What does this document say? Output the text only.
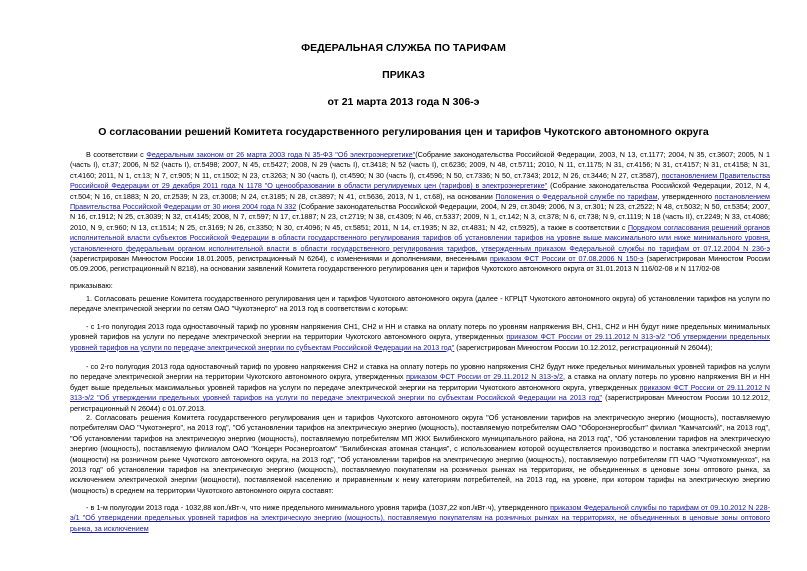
ФЕДЕРАЛЬНАЯ СЛУЖБА ПО ТАРИФАМ
ПРИКАЗ
от 21 марта 2013 года N 306-э
О согласовании решений Комитета государственного регулирования цен и тарифов Чукотского автономного округа
В соответствии с Федеральным законом от 26 марта 2003 года N 35-ФЗ "Об электроэнергетике"(Собрание законодательства Российской Федерации, 2003, N 13, ст.1177; 2004, N 35, ст.3607; 2005, N 1 (часть I), ст.37; 2006, N 52 (часть I), ст.5498; 2007, N 45, ст.5427; 2008, N 29 (часть I), ст.3418; N 52 (часть I), ст.6236; 2009, N 48, ст.5711; 2010, N 11, ст.1175; N 31, ст.4156; N 31, ст.4157; N 31, ст.4158; N 31, ст.4160; 2011, N 1, ст.13; N 7, ст.905; N 11, ст.1502; N 23, ст.3263; N 30 (часть I), ст.4590; N 30 (часть I), ст.4596; N 50, ст.7336; N 50, ст.7343; 2012, N 26, ст.3446; N 27, ст.3587), постановлением Правительства Российской Федерации от 29 декабря 2011 года N 1178 "О ценообразовании в области регулируемых цен (тарифов) в электроэнергетике" (Собрание законодательства Российской Федерации, 2012, N 4, ст.504; N 16, ст.1883; N 20, ст.2539; N 23, ст.3008; N 24, ст.3185; N 28, ст.3897; N 41, ст.5636, 2013, N 1, ст.68), на основании Положения о Федеральной службе по тарифам, утвержденного постановлением Правительства Российской Федерации от 30 июня 2004 года N 332 (Собрание законодательства Российской Федерации, 2004, N 29, ст.3049; 2006, N 3, ст.301; N 23, ст.2522; N 48, ст.5032; N 50, ст.5354; 2007, N 16, ст.1912; N 25, ст.3039; N 32, ст.4145; 2008, N 7, ст.597; N 17, ст.1887; N 23, ст.2719; N 38, ст.4309; N 46, ст.5337; 2009, N 1, ст.142; N 3, ст.378; N 6, ст.738; N 9, ст.1119; N 18 (часть II), ст.2249; N 33, ст.4086; 2010, N 9, ст.960; N 13, ст.1514; N 25, ст.3169; N 26, ст.3350; N 30, ст.4096; N 45, ст.5851; 2011, N 14, ст.1935; N 32, ст.4831; N 42, ст.5925), а также в соответствии с Порядком согласования решений органов исполнительной власти субъектов Российской Федерации в области государственного регулирования тарифов об установлении тарифов на уровне выше максимального или ниже минимального уровня, установленного федеральным органом исполнительной власти в области государственного регулирования тарифов, утвержденным приказом Федеральной службы по тарифам от 07.12.2004 N 236-э (зарегистрирован Минюстом России 18.01.2005, регистрационный N 6264), с изменениями и дополнениями, внесенными приказом ФСТ России от 07.08.2006 N 150-э (зарегистрирован Минюстом России 05.09.2006, регистрационный N 8218), на основании заявлений Комитета государственного регулирования цен и тарифов Чукотского автономного округа от 31.01.2013 N 116/02-08 и N 117/02-08
приказываю:
1. Согласовать решение Комитета государственного регулирования цен и тарифов Чукотского автономного округа (далее - КГРЦТ Чукотского автономного округа) об установлении тарифов на услуги по передаче электрической энергии по сетям ОАО "Чукотэнерго" на 2013 год в соответствии с которым:
- с 1-го полугодия 2013 года одноставочный тариф по уровням напряжения СН1, СН2 и НН и ставка на оплату потерь по уровням напряжения ВН, СН1, СН2 и НН будут ниже предельных минимальных уровней тарифов на услуги по передаче электрической энергии на территории Чукотского автономного округа, утвержденных приказом ФСТ России от 29.11.2012 N 313-э/2 "Об утверждении предельных уровней тарифов на услуги по передаче электрической энергии по субъектам Российской Федерации на 2013 год" (зарегистрирован Минюстом России 10.12.2012, регистрационный N 26044);
- со 2-го полугодия 2013 года одноставочный тариф по уровню напряжения СН2 и ставка на оплату потерь по уровню напряжения СН2 будут ниже предельных минимальных уровней тарифов на услуги по передаче электрической энергии на территории Чукотского автономного округа, утвержденных приказом ФСТ России от 29.11.2012 N 313-э/2, а ставка на оплату потерь по уровню напряжения ВН и НН будет выше предельных максимальных уровней тарифов на услуги по передаче электрической энергии на территории Чукотского автономного округа, утвержденных приказом ФСТ России от 29.11.2012 N 313-э/2 "Об утверждении предельных уровней тарифов на услуги по передаче электрической энергии по субъектам Российской Федерации на 2013 год" (зарегистрирован Минюстом России 10.12.2012, регистрационный N 26044) с 01.07.2013.
2. Согласовать решения Комитета государственного регулирования цен и тарифов Чукотского автономного округа "Об установлении тарифов на электрическую энергию (мощность), поставляемую потребителям ОАО "Чукотэнерго", на 2013 год", "Об установлении тарифов на электрическую энергию (мощность), поставляемую потребителям ОАО "Оборонэнергосбыт" филиал "Камчатский", на 2013 год", "Об установлении тарифов на электрическую энергию (мощность), поставляемую потребителям МП ЖКХ Билибинского муниципального района, на 2013 год", "Об установлении тарифов на электрическую энергию (мощность), поставляемую филиалом ОАО "Концерн Росэнергоатом" "Билибинская атомная станция", с использованием которой осуществляется производство и поставка электрической энергии (мощности) на розничном рынке Чукотского автономного округа, на 2013 год", "Об установлении тарифов на электрическую энергию (мощность), поставляемую потребителям ГП ЧАО "Чукоткоммунхоз", на 2013 год" об установлении тарифов на электрическую энергию (мощность), поставляемую покупателям на розничных рынках на территориях, не объединенных в ценовые зоны оптового рынка, за исключением электрической энергии (мощности), поставляемой населению и приравненным к нему категориям потребителей, на 2013 год, на уровне, при котором тарифы на электрическую энергию (мощность) в среднем на территории Чукотского автономного округа составят:
- в 1-м полугодии 2013 года - 1032,88 коп./кВт·ч, что ниже предельного минимального уровня тарифа (1037,22 коп./кВт·ч), утвержденного приказом Федеральной службы по тарифам от 09.10.2012 N 228-э/1 "Об утверждении предельных уровней тарифов на электрическую энергию (мощность), поставляемую покупателям на розничных рынках на территориях, не объединенных в ценовые зоны оптового рынка, за исключением
